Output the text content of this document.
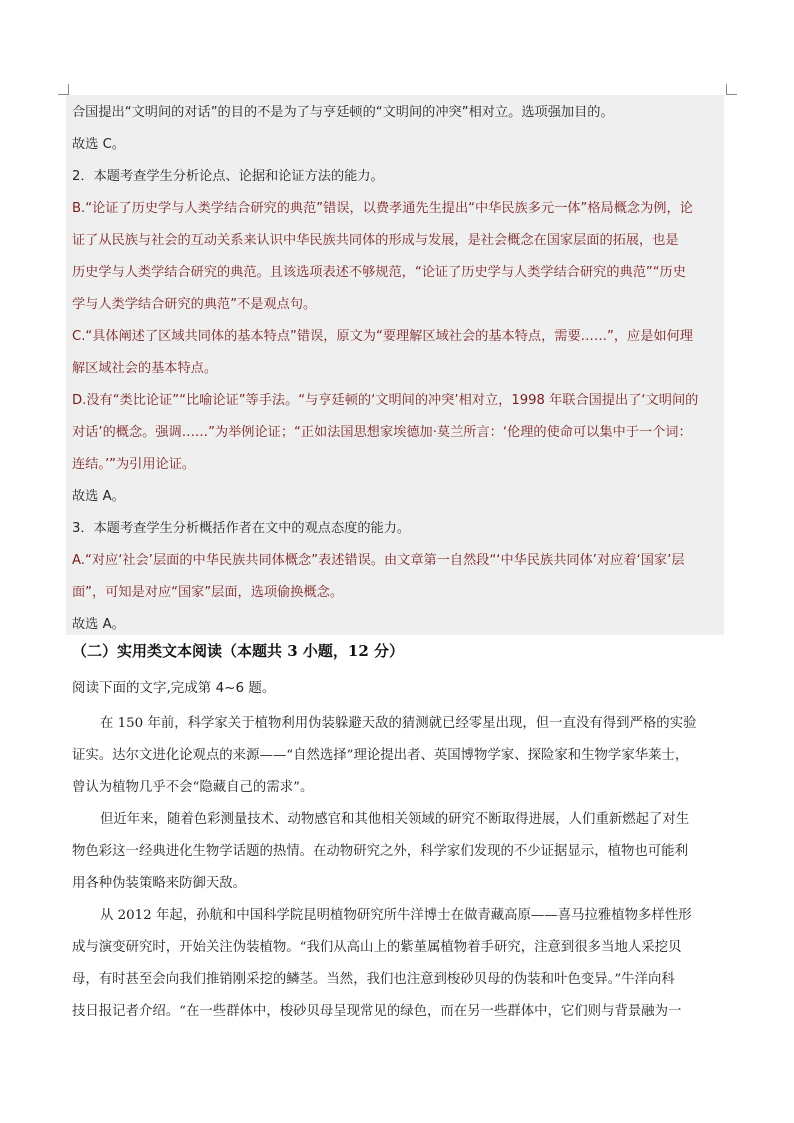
合国提出“文明间的对话”的目的不是为了与亨廷顿的“文明间的冲突”相对立。选项强加目的。
故选 C。
2．本题考查学生分析论点、论据和论证方法的能力。
B.“论证了历史学与人类学结合研究的典范”错误，以费孝通先生提出“中华民族多元一体”格局概念为例，论
证了从民族与社会的互动关系来认识中华民族共同体的形成与发展，是社会概念在国家层面的拓展，也是
历史学与人类学结合研究的典范。且该选项表述不够规范，“论证了历史学与人类学结合研究的典范”“历史
学与人类学结合研究的典范”不是观点句。
C.“具体阐述了区域共同体的基本特点”错误，原文为“要理解区域社会的基本特点，需要……”，应是如何理
解区域社会的基本特点。
D.没有“类比论证”“比喻论证”等手法。“与亨廷顿的‘文明间的冲突’相对立，1998 年联合国提出了‘文明间的
对话’的概念。强调……”为举例论证；“正如法国思想家埃德加·莫兰所言：‘伦理的使命可以集中于一个词：
连结。’”为引用论证。
故选 A。
3．本题考查学生分析概括作者在文中的观点态度的能力。
A.“对应‘社会’层面的中华民族共同体概念”表述错误。由文章第一自然段“‘中华民族共同体’对应着‘国家’层
面”，可知是对应“国家”层面，选项偷换概念。
故选 A。
（二）实用类文本阅读（本题共 3 小题，12 分）
阅读下面的文字,完成第 4~6 题。
在 150 年前，科学家关于植物利用伪装躲避天敌的猜测就已经零星出现，但一直没有得到严格的实验
证实。达尔文进化论观点的来源——“自然选择”理论提出者、英国博物学家、探险家和生物学家华莱士，
曾认为植物几乎不会“隐藏自己的需求”。
但近年来，随着色彩测量技术、动物感官和其他相关领域的研究不断取得进展，人们重新燃起了对生
物色彩这一经典进化生物学话题的热情。在动物研究之外，科学家们发现的不少证据显示，植物也可能利
用各种伪装策略来防御天敌。
从 2012 年起，孙航和中国科学院昆明植物研究所牛洋博士在做青藏高原——喜马拉雅植物多样性形
成与演变研究时，开始关注伪装植物。“我们从高山上的紫堇属植物着手研究，注意到很多当地人采挖贝
母，有时甚至会向我们推销刚采挖的鳞茎。当然，我们也注意到梭砂贝母的伪装和叶色变异。”牛洋向科
技日报记者介绍。“在一些群体中，梭砂贝母呈现常见的绿色，而在另一些群体中，它们则与背景融为一
